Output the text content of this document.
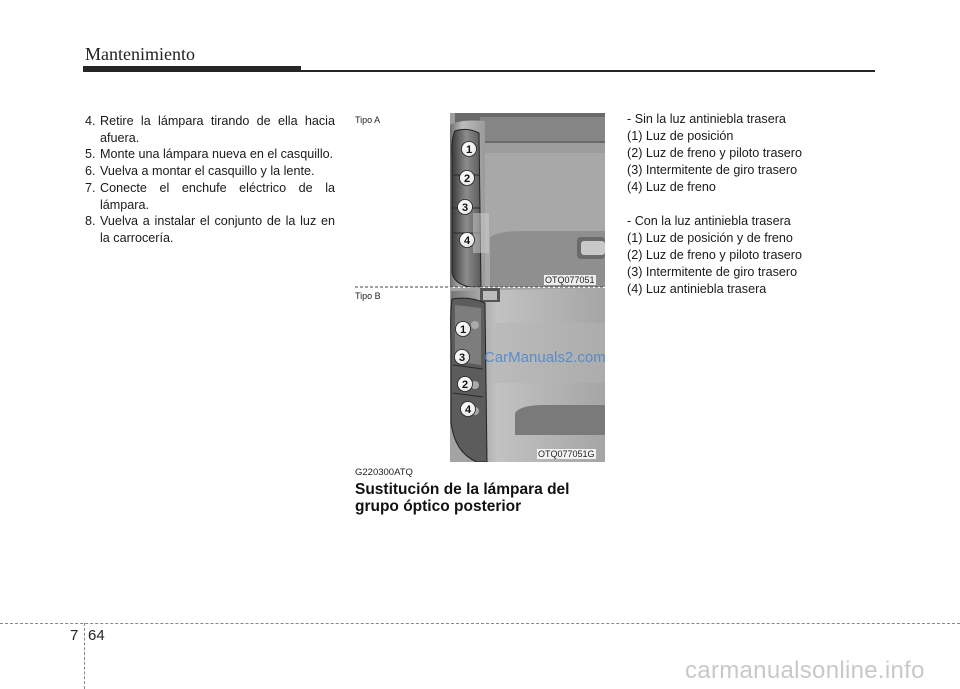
Mantenimiento
4. Retire la lámpara tirando de ella hacia afuera.
5. Monte una lámpara nueva en el casquillo.
6. Vuelva a montar el casquillo y la lente.
7. Conecte el enchufe eléctrico de la lámpara.
8. Vuelva a instalar el conjunto de la luz en la carrocería.
1
2
3
4
1
3
2
4
Tipo A
OTQ077051
Tipo B
OTQ077051G
G220300ATQ
Sustitución de la lámpara del
grupo óptico posterior
- Sin la luz antiniebla trasera
(1) Luz de posición
(2) Luz de freno y piloto trasero
(3) Intermitente de giro trasero
(4) Luz de freno
- Con la luz antiniebla trasera
(1) Luz de posición y de freno
(2) Luz de freno y piloto trasero
(3) Intermitente de giro trasero
(4) Luz antiniebla trasera
CarManuals2.com
carmanualsonline.info
7 64
